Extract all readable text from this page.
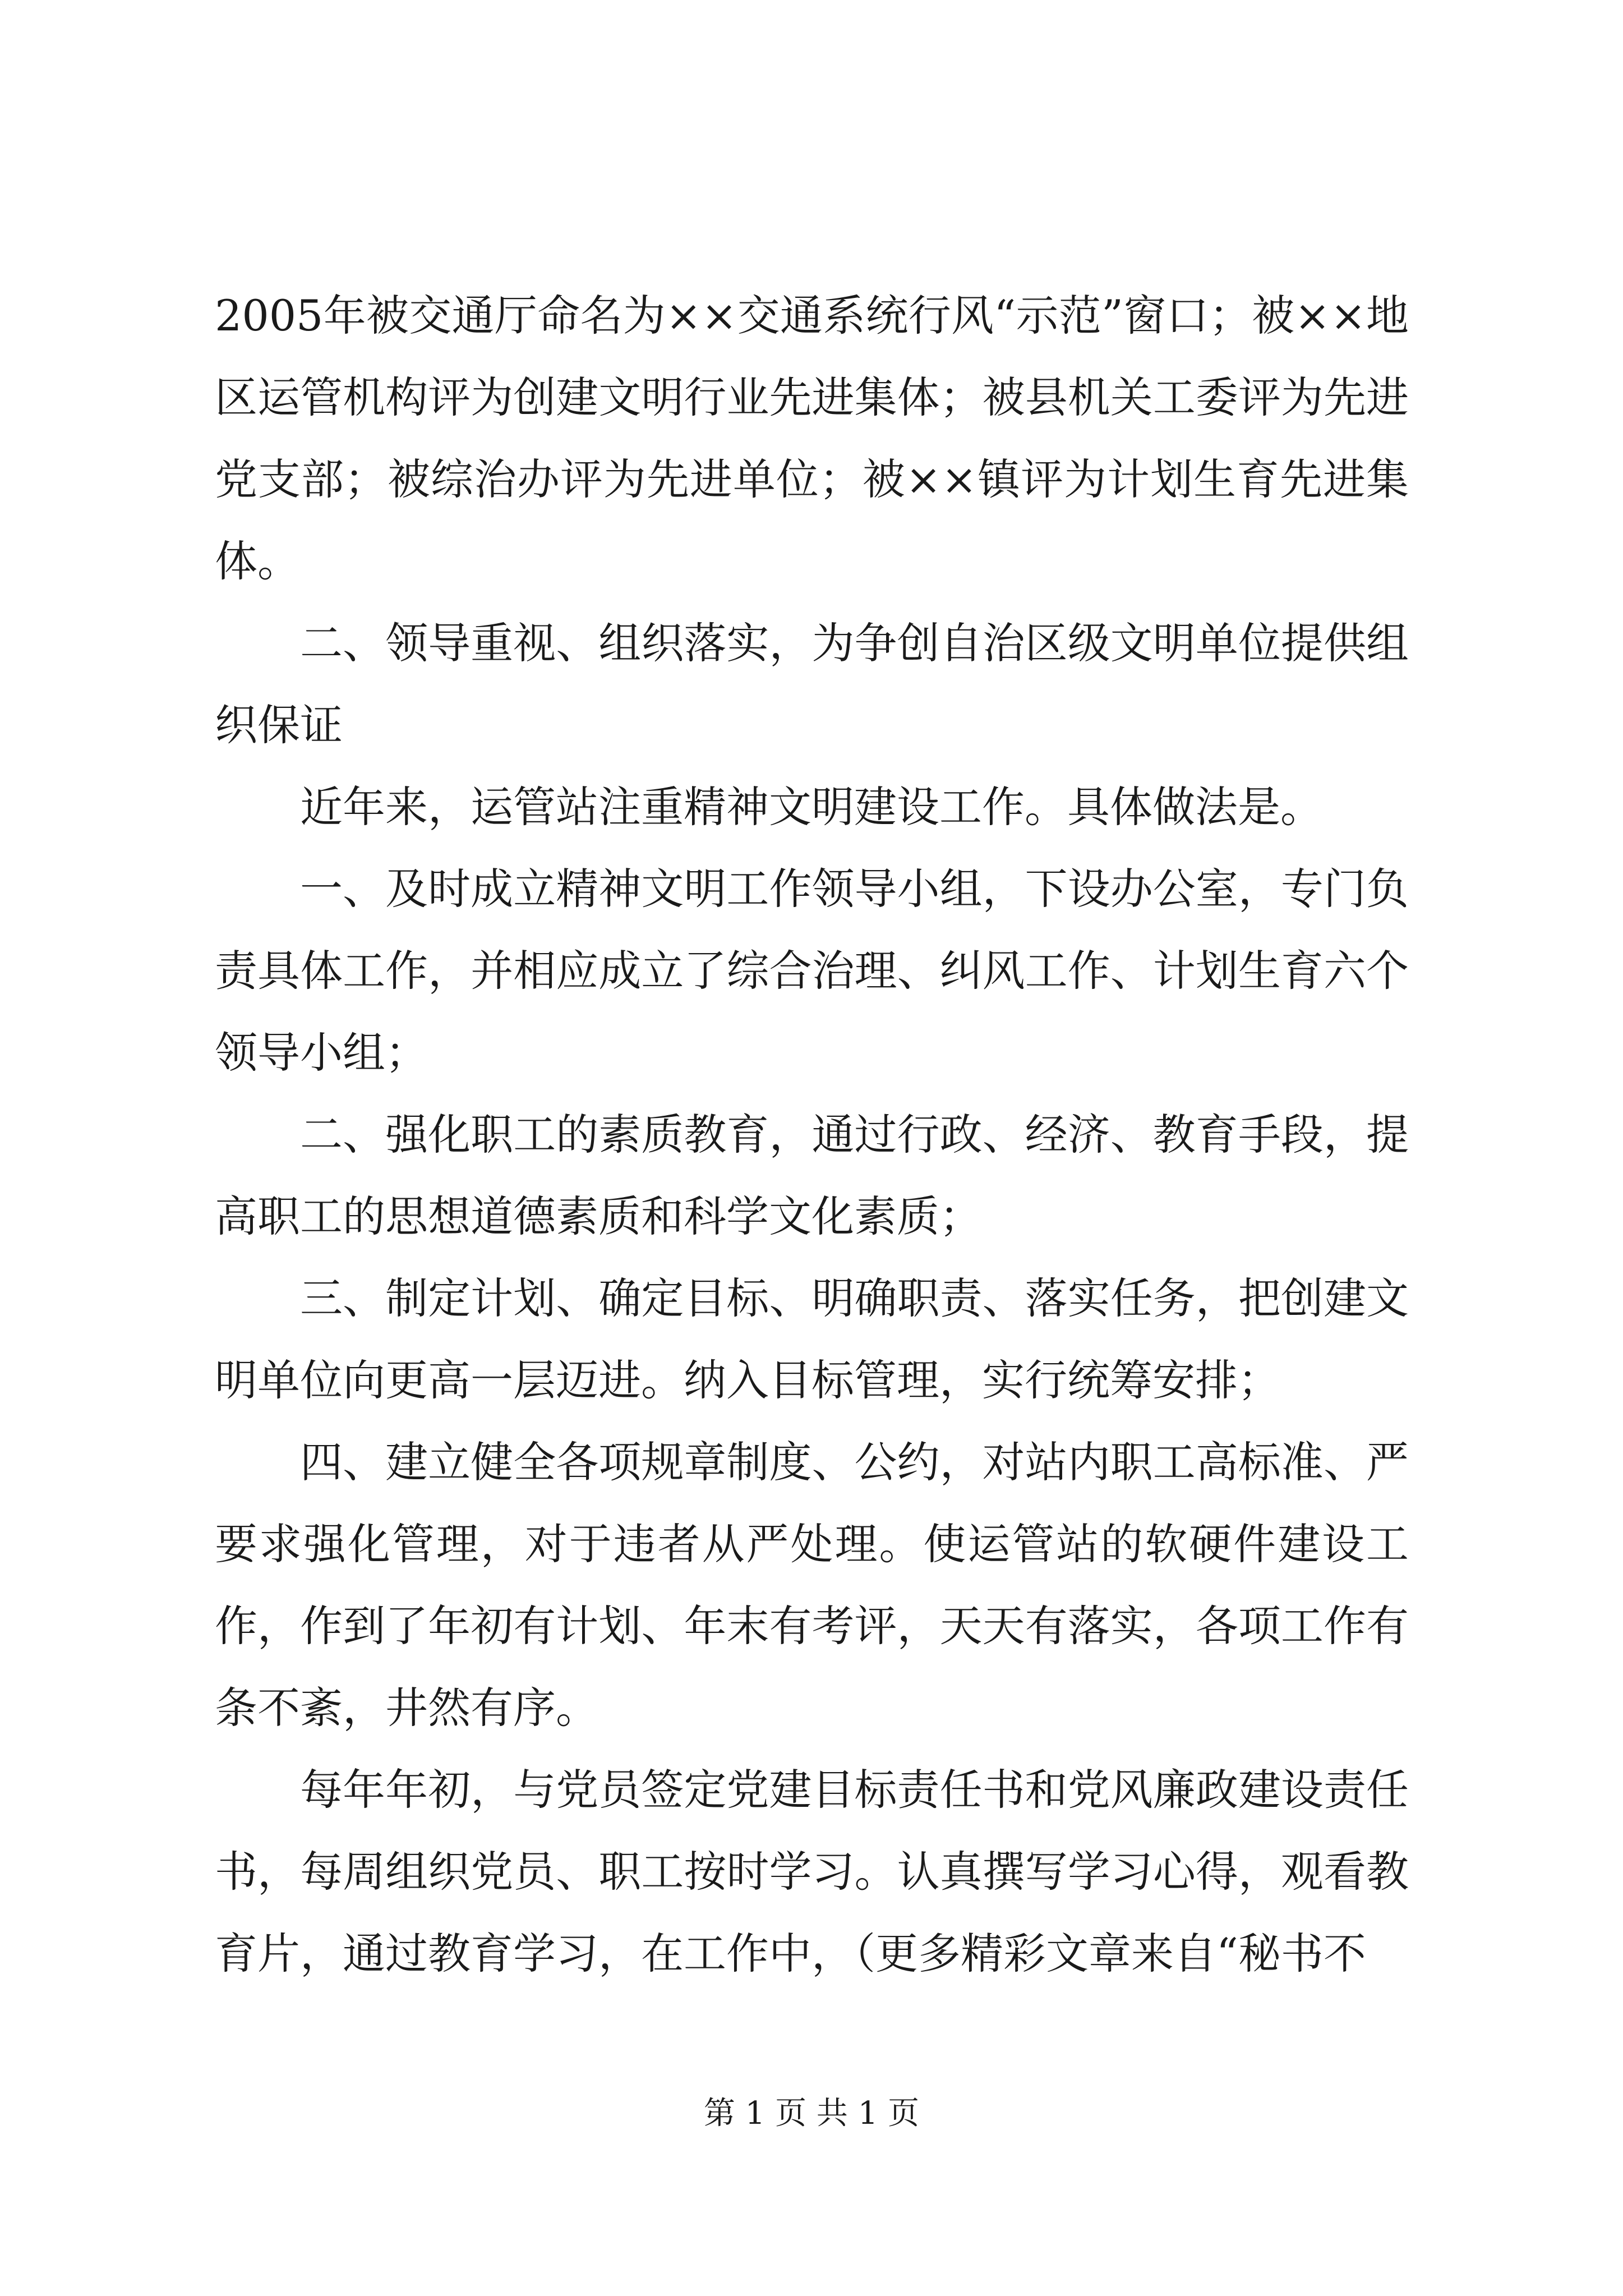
2005年被交通厅命名为××交通系统行风“示范”窗口；被××地区运管机构评为创建文明行业先进集体；被县机关工委评为先进党支部；被综治办评为先进单位；被××镇评为计划生育先进集体。

二、领导重视、组织落实，为争创自治区级文明单位提供组织保证

近年来，运管站注重精神文明建设工作。具体做法是。

一、及时成立精神文明工作领导小组，下设办公室，专门负责具体工作，并相应成立了综合治理、纠风工作、计划生育六个领导小组；

二、强化职工的素质教育，通过行政、经济、教育手段，提高职工的思想道德素质和科学文化素质；

三、制定计划、确定目标、明确职责、落实任务，把创建文明单位向更高一层迈进。纳入目标管理，实行统筹安排；

四、建立健全各项规章制度、公约，对站内职工高标准、严要求强化管理，对于违者从严处理。使运管站的软硬件建设工作，作到了年初有计划、年末有考评，天天有落实，各项工作有条不紊，井然有序。

每年年初，与党员签定党建目标责任书和党风廉政建设责任书，每周组织党员、职工按时学习。认真撰写学习心得，观看教育片，通过教育学习，在工作中，（更多精彩文章来自“秘书不

第 1 页 共 1 页
